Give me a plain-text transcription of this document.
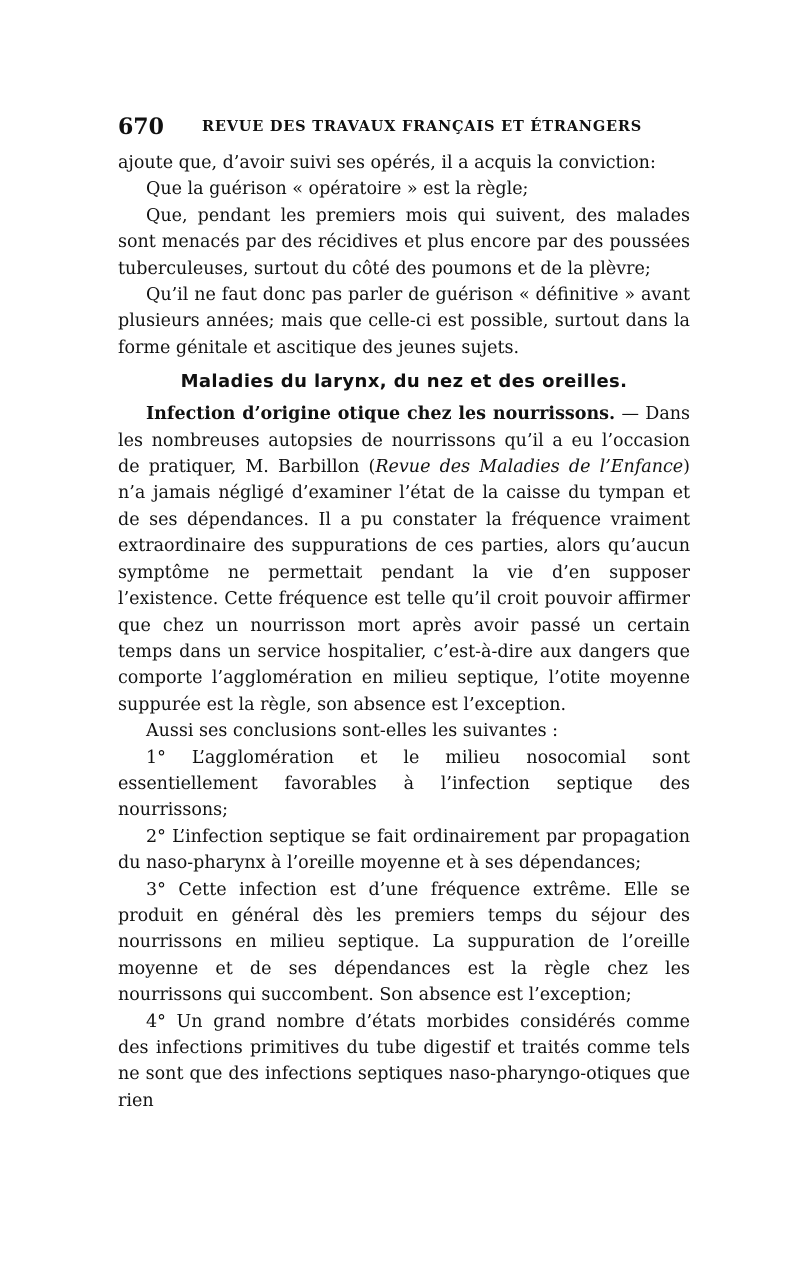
670	REVUE DES TRAVAUX FRANÇAIS ET ÉTRANGERS

ajoute que, d’avoir suivi ses opérés, il a acquis la conviction:

Que la guérison « opératoire » est la règle;

Que, pendant les premiers mois qui suivent, des malades sont menacés par des récidives et plus encore par des poussées tuberculeuses, surtout du côté des poumons et de la plèvre;

Qu’il ne faut donc pas parler de guérison « définitive » avant plusieurs années; mais que celle-ci est possible, surtout dans la forme génitale et ascitique des jeunes sujets.

Maladies du larynx, du nez et des oreilles.

Infection d’origine otique chez les nourrissons. — Dans les nombreuses autopsies de nourrissons qu’il a eu l’occasion de pratiquer, M. Barbillon (Revue des Maladies de l’Enfance) n’a jamais négligé d’examiner l’état de la caisse du tympan et de ses dépendances. Il a pu constater la fréquence vraiment extraordinaire des suppurations de ces parties, alors qu’aucun symptôme ne permettait pendant la vie d’en supposer l’existence. Cette fréquence est telle qu’il croit pouvoir affirmer que chez un nourrisson mort après avoir passé un certain temps dans un service hospitalier, c’est-à-dire aux dangers que comporte l’agglomération en milieu septique, l’otite moyenne suppurée est la règle, son absence est l’exception.

Aussi ses conclusions sont-elles les suivantes :

1° L’agglomération et le milieu nosocomial sont essentiellement favorables à l’infection septique des nourrissons;

2° L’infection septique se fait ordinairement par propagation du naso-pharynx à l’oreille moyenne et à ses dépendances;

3° Cette infection est d’une fréquence extrême. Elle se produit en général dès les premiers temps du séjour des nourrissons en milieu septique. La suppuration de l’oreille moyenne et de ses dépendances est la règle chez les nourrissons qui succombent. Son absence est l’exception;

4° Un grand nombre d’états morbides considérés comme des infections primitives du tube digestif et traités comme tels ne sont que des infections septiques naso-pharyngo-otiques que rien
